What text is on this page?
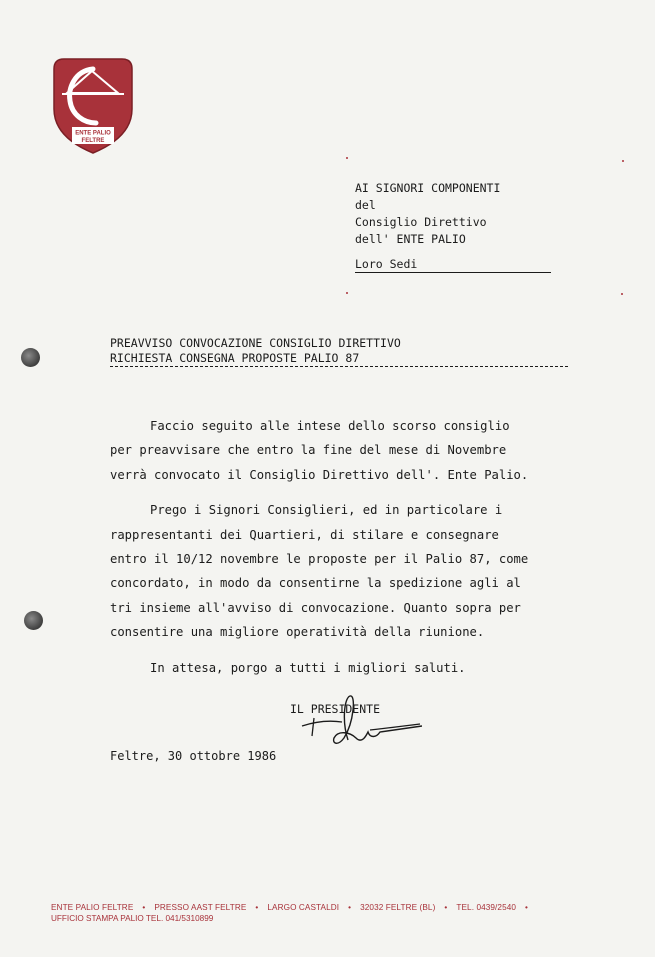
ENTE PALIO
FELTRE
AI SIGNORI COMPONENTI
del
Consiglio Direttivo
dell' ENTE PALIO
Loro Sedi
PREAVVISO CONVOCAZIONE CONSIGLIO DIRETTIVO
RICHIESTA CONSEGNA PROPOSTE PALIO 87
Faccio seguito alle intese dello scorso consiglio
per preavvisare che entro la fine del mese di Novembre
verrà convocato il Consiglio Direttivo dell'. Ente Palio.
Prego i Signori Consiglieri, ed in particolare i
rappresentanti dei Quartieri, di stilare e consegnare
entro il 10/12 novembre le proposte per il Palio 87, come
concordato, in modo da consentirne la spedizione agli al
tri insieme all'avviso di convocazione. Quanto sopra per
consentire una migliore operatività della riunione.
In attesa, porgo a tutti i migliori saluti.
IL PRESIDENTE
Feltre, 30 ottobre 1986
ENTE PALIO FELTRE • PRESSO AAST FELTRE • LARGO CASTALDI • 32032 FELTRE (BL) • TEL. 0439/2540 •
UFFICIO STAMPA PALIO TEL. 041/5310899
